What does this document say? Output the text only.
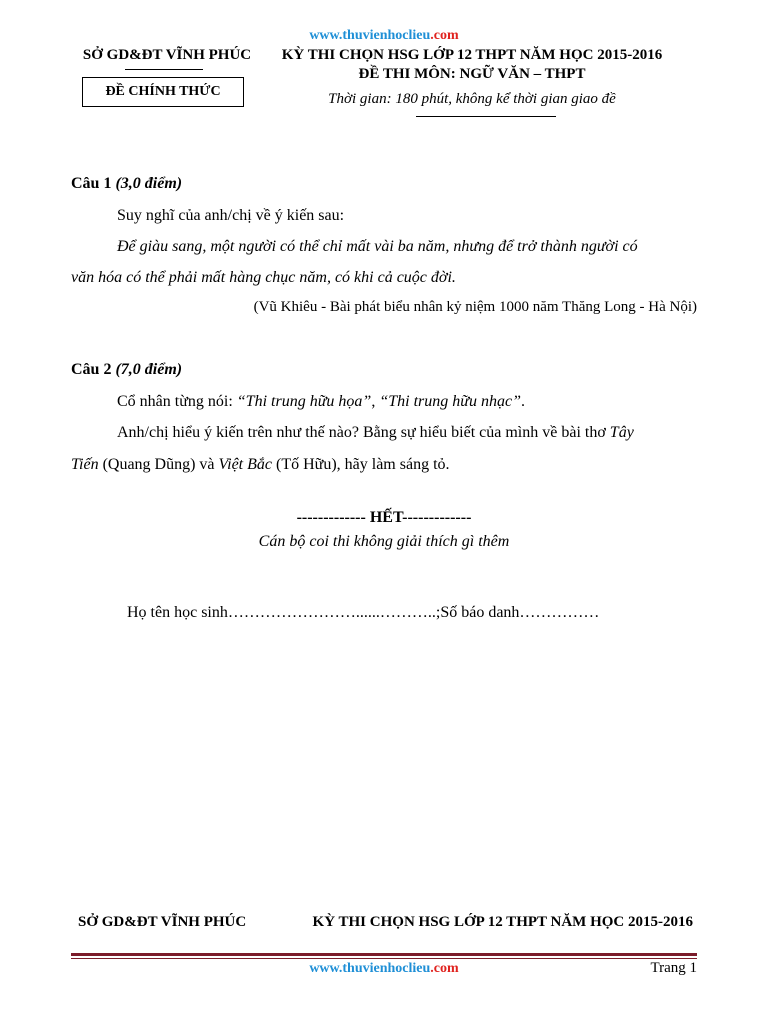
www.thuvienhoclieu.com
SỞ GD&ĐT VĨNH PHÚC
ĐỀ CHÍNH THỨC
KỲ THI CHỌN HSG LỚP 12 THPT NĂM HỌC 2015-2016
ĐỀ THI MÔN: NGỮ VĂN – THPT
Thời gian: 180 phút, không kể thời gian giao đề
Câu 1 (3,0 điểm)
Suy nghĩ của anh/chị về ý kiến sau:
Để giàu sang, một người có thể chỉ mất vài ba năm, nhưng để trở thành người có
văn hóa có thể phải mất hàng chục năm, có khi cả cuộc đời.
(Vũ Khiêu - Bài phát biểu nhân kỷ niệm 1000 năm Thăng Long - Hà Nội)
Câu 2 (7,0 điểm)
Cổ nhân từng nói: “Thi trung hữu họa”, “Thi trung hữu nhạc”.
Anh/chị hiểu ý kiến trên như thế nào? Bằng sự hiểu biết của mình về bài thơ Tây
Tiến (Quang Dũng) và Việt Bắc (Tố Hữu), hãy làm sáng tỏ.
------------- HẾT-------------
Cán bộ coi thi không giải thích gì thêm
Họ tên học sinh……………………......………..;Số báo danh……………
SỞ GD&ĐT VĨNH PHÚC	KỲ THI CHỌN HSG LỚP 12 THPT NĂM HỌC 2015-2016
www.thuvienhoclieu.com	Trang 1
